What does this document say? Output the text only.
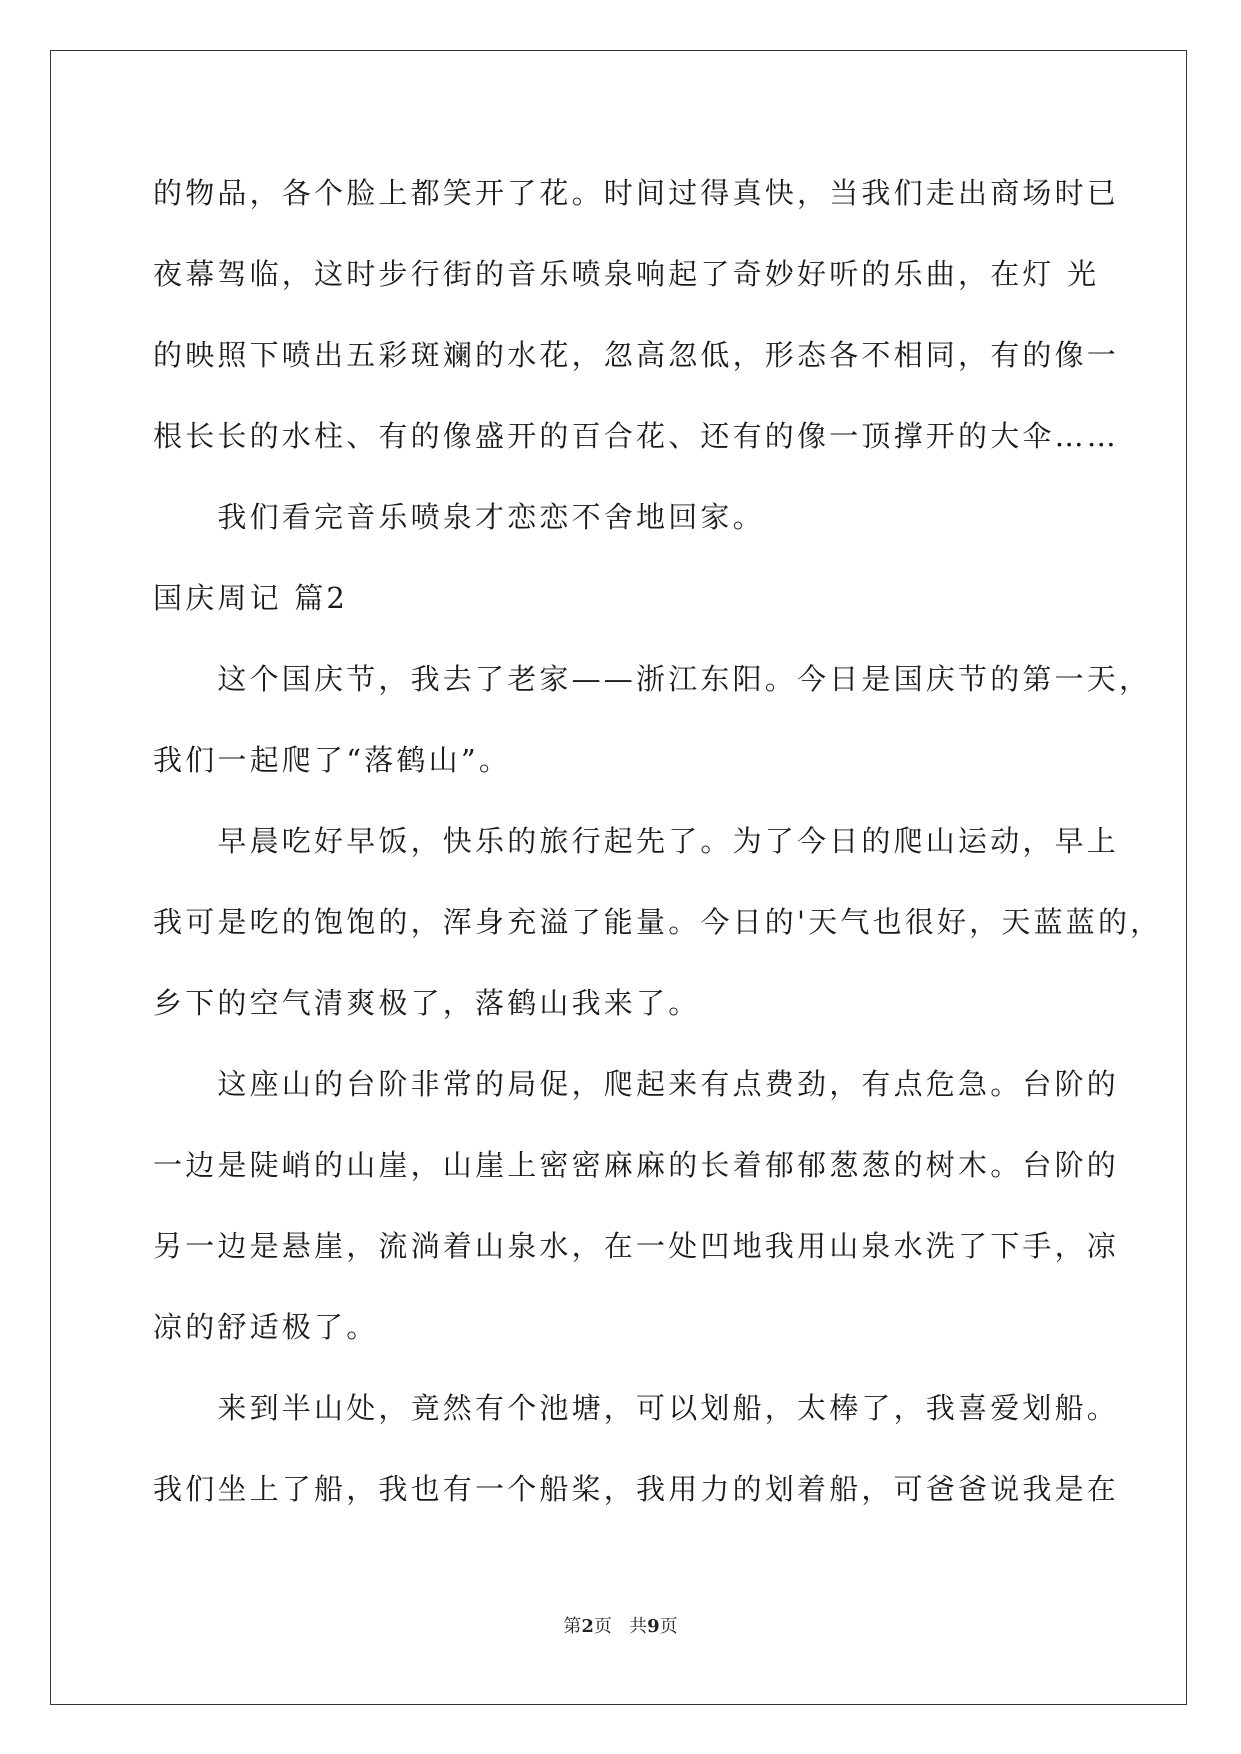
的物品，各个脸上都笑开了花。时间过得真快，当我们走出商场时已
夜幕驾临，这时步行街的音乐喷泉响起了奇妙好听的乐曲，在灯 光
的映照下喷出五彩斑斓的水花，忽高忽低，形态各不相同，有的像一
根长长的水柱、有的像盛开的百合花、还有的像一顶撑开的大伞……
　　我们看完音乐喷泉才恋恋不舍地回家。
国庆周记 篇2
　　这个国庆节，我去了老家——浙江东阳。今日是国庆节的第一天，
我们一起爬了“落鹤山”。
　　早晨吃好早饭，快乐的旅行起先了。为了今日的爬山运动，早上
我可是吃的饱饱的，浑身充溢了能量。今日的'天气也很好，天蓝蓝的，
乡下的空气清爽极了，落鹤山我来了。
　　这座山的台阶非常的局促，爬起来有点费劲，有点危急。台阶的
一边是陡峭的山崖，山崖上密密麻麻的长着郁郁葱葱的树木。台阶的
另一边是悬崖，流淌着山泉水，在一处凹地我用山泉水洗了下手，凉
凉的舒适极了。
　　来到半山处，竟然有个池塘，可以划船，太棒了，我喜爱划船。
我们坐上了船，我也有一个船桨，我用力的划着船，可爸爸说我是在
第2页 共9页
